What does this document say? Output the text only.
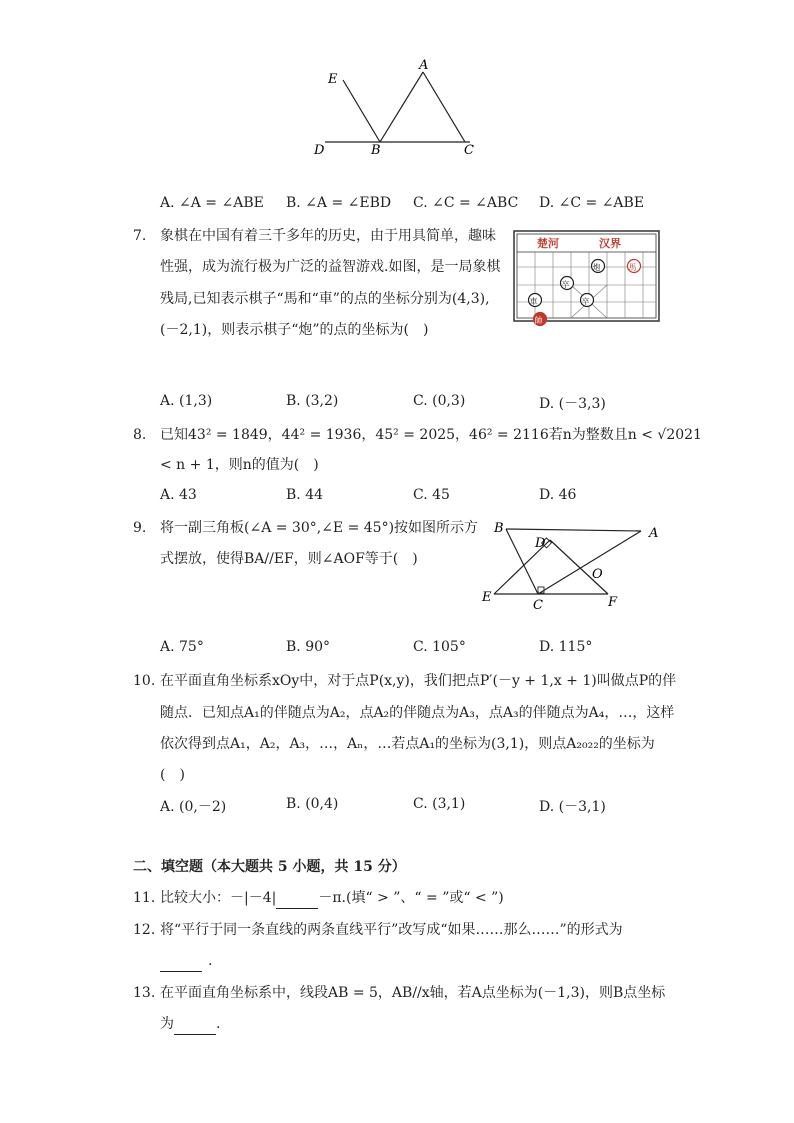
E
A
D	B	C
A. ∠A = ∠ABE B. ∠A = ∠EBD C. ∠C = ∠ABC D. ∠C = ∠ABE
7. 象棋在中国有着三千多年的历史，由于用具简单，趣味
性强，成为流行极为广泛的益智游戏.如图，是一局象棋
残局,已知表示棋子“馬和“車”的点的坐标分别为(4,3),
(－2,1)，则表示棋子“炮”的点的坐标为(　)
楚河	汉界
馬
炮
卒
卒
車
帥
A. (1,3)	B. (3,2)	C. (0,3)	D. (－3,3)
8. 已知43² = 1849，44² = 1936，45² = 2025，46² = 2116若n为整数且n < √2021
< n + 1，则n的值为(　)
A. 43	B. 44	C. 45	D. 46
9. 将一副三角板(∠A = 30°,∠E = 45°)按如图所示方
式摆放，使得BA//EF，则∠AOF等于(　)
B
D
A
O
E
C	F
A. 75°	B. 90°	C. 105°	D. 115°
10. 在平面直角坐标系xOy中，对于点P(x,y)，我们把点P′(－y + 1,x + 1)叫做点P的伴
随点．已知点A₁的伴随点为A₂，点A₂的伴随点为A₃，点A₃的伴随点为A₄，…，这样
依次得到点A₁，A₂，A₃，…，Aₙ，…若点A₁的坐标为(3,1)，则点A₂₀₂₂的坐标为
(　)
A. (0,－2)	B. (0,4)	C. (3,1)	D. (－3,1)
二、填空题（本大题共 5 小题，共 15 分）
11. 比较大小：－|－4|	－π.(填“ > ”、“ = ”或“ < ”)
12. 将“平行于同一条直线的两条直线平行”改写成“如果……那么……”的形式为
.
13. 在平面直角坐标系中，线段AB = 5，AB//x轴，若A点坐标为(－1,3)，则B点坐标
为	.
